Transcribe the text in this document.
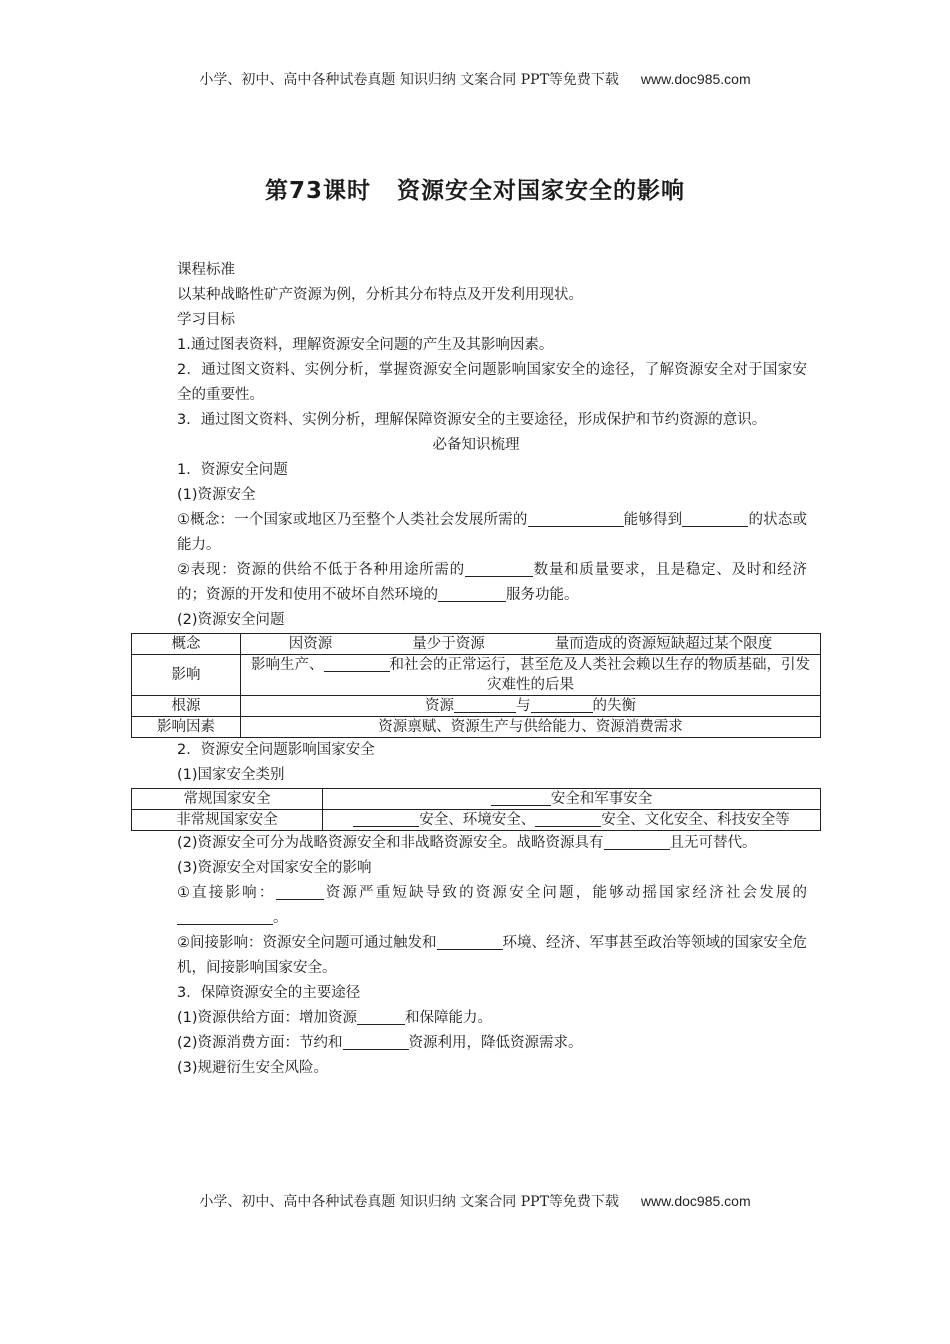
小学、初中、高中各种试卷真题 知识归纳 文案合同 PPT等免费下载 www.doc985.com
第73课时 资源安全对国家安全的影响
课程标准
以某种战略性矿产资源为例，分析其分布特点及开发利用现状。
学习目标
1.通过图表资料，理解资源安全问题的产生及其影响因素。
2．通过图文资料、实例分析，掌握资源安全问题影响国家安全的途径，了解资源安全对于国家安全的重要性。
3．通过图文资料、实例分析，理解保障资源安全的主要途径，形成保护和节约资源的意识。
必备知识梳理
1．资源安全问题
(1)资源安全
①概念：一个国家或地区乃至整个人类社会发展所需的	能够得到	的状态或能力。
②表现：资源的供给不低于各种用途所需的	数量和质量要求，且是稳定、及时和经济的；资源的开发和使用不破坏自然环境的	服务功能。
(2)资源安全问题
概念	因资源 量少于资源 量而造成的资源短缺超过某个限度
影响	影响生产、 和社会的正常运行，甚至危及人类社会赖以生存的物质基础，引发灾难性的后果
根源	资源 与 的失衡
影响因素	资源禀赋、资源生产与供给能力、资源消费需求
2．资源安全问题影响国家安全
(1)国家安全类别
常规国家安全	安全和军事安全
非常规国家安全	安全、环境安全、 安全、文化安全、科技安全等
(2)资源安全可分为战略资源安全和非战略资源安全。战略资源具有	且无可替代。
(3)资源安全对国家安全的影响
①直接影响：	资源严重短缺导致的资源安全问题，能够动摇国家经济社会发展的。
②间接影响：资源安全问题可通过触发和	环境、经济、军事甚至政治等领域的国家安全危机，间接影响国家安全。
3．保障资源安全的主要途径
(1)资源供给方面：增加资源	和保障能力。
(2)资源消费方面：节约和	资源利用，降低资源需求。
(3)规避衍生安全风险。
小学、初中、高中各种试卷真题 知识归纳 文案合同 PPT等免费下载 www.doc985.com
